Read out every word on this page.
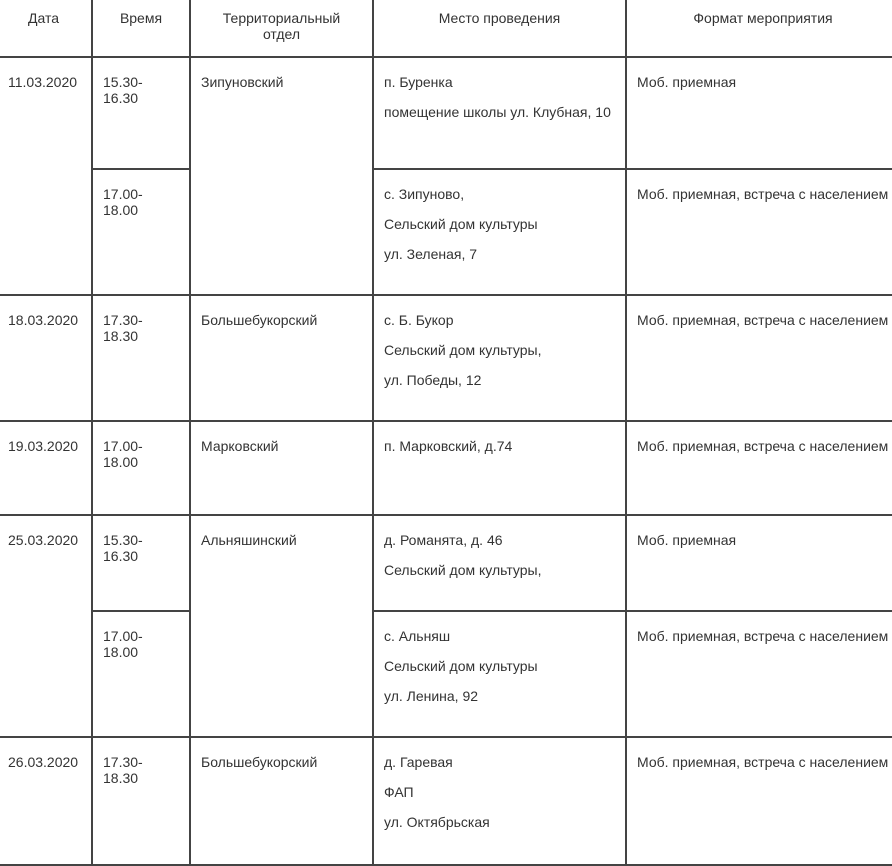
Дата	Время	Территориальный отдел	Место проведения	Формат мероприятия
11.03.2020	15.30-
16.30	Зипуновский	п. Буренка
помещение школы ул. Клубная, 10	Моб. приемная
	17.00-
18.00		с. Зипуново,
Сельский дом культуры
ул. Зеленая, 7	Моб. приемная, встреча с населением
18.03.2020	17.30-
18.30	Большебукорский	с. Б. Букор
Сельский дом культуры,
ул. Победы, 12	Моб. приемная, встреча с населением
19.03.2020	17.00-
18.00	Марковский	п. Марковский, д.74	Моб. приемная, встреча с населением
25.03.2020	15.30-
16.30	Альняшинский	д. Романята, д. 46
Сельский дом культуры,	Моб. приемная
	17.00-
18.00		с. Альняш
Сельский дом культуры
ул. Ленина, 92	Моб. приемная, встреча с населением
26.03.2020	17.30-
18.30	Большебукорский	д. Гаревая
ФАП
ул. Октябрьская	Моб. приемная, встреча с населением
